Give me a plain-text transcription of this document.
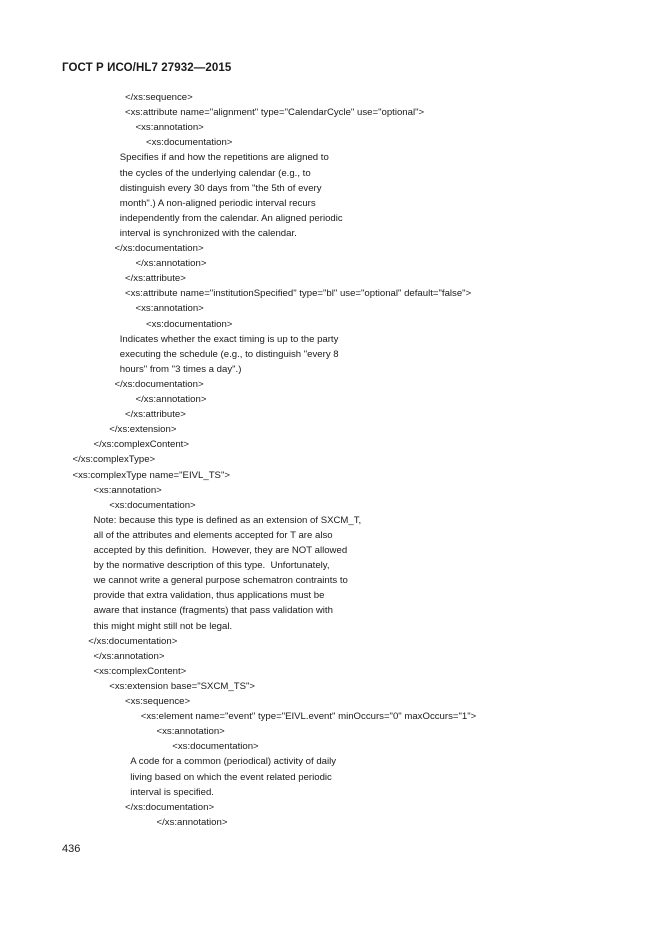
ГОСТ Р ИСО/HL7 27932—2015
</xs:sequence>
<xs:attribute name="alignment" type="CalendarCycle" use="optional">
<xs:annotation>
<xs:documentation>
Specifies if and how the repetitions are aligned to
the cycles of the underlying calendar (e.g., to
distinguish every 30 days from "the 5th of every
month".) A non-aligned periodic interval recurs
independently from the calendar. An aligned periodic
interval is synchronized with the calendar.
</xs:documentation>
</xs:annotation>
</xs:attribute>
<xs:attribute name="institutionSpecified" type="bl" use="optional" default="false">
<xs:annotation>
<xs:documentation>
Indicates whether the exact timing is up to the party
executing the schedule (e.g., to distinguish "every 8
hours" from "3 times a day".)
</xs:documentation>
</xs:annotation>
</xs:attribute>
</xs:extension>
</xs:complexContent>
</xs:complexType>
<xs:complexType name="EIVL_TS">
<xs:annotation>
<xs:documentation>
Note: because this type is defined as an extension of SXCM_T,
all of the attributes and elements accepted for T are also
accepted by this definition.  However, they are NOT allowed
by the normative description of this type.  Unfortunately,
we cannot write a general purpose schematron contraints to
provide that extra validation, thus applications must be
aware that instance (fragments) that pass validation with
this might might still not be legal.
</xs:documentation>
</xs:annotation>
<xs:complexContent>
<xs:extension base="SXCM_TS">
<xs:sequence>
<xs:element name="event" type="EIVL.event" minOccurs="0" maxOccurs="1">
<xs:annotation>
<xs:documentation>
A code for a common (periodical) activity of daily
living based on which the event related periodic
interval is specified.
</xs:documentation>
</xs:annotation>
436
